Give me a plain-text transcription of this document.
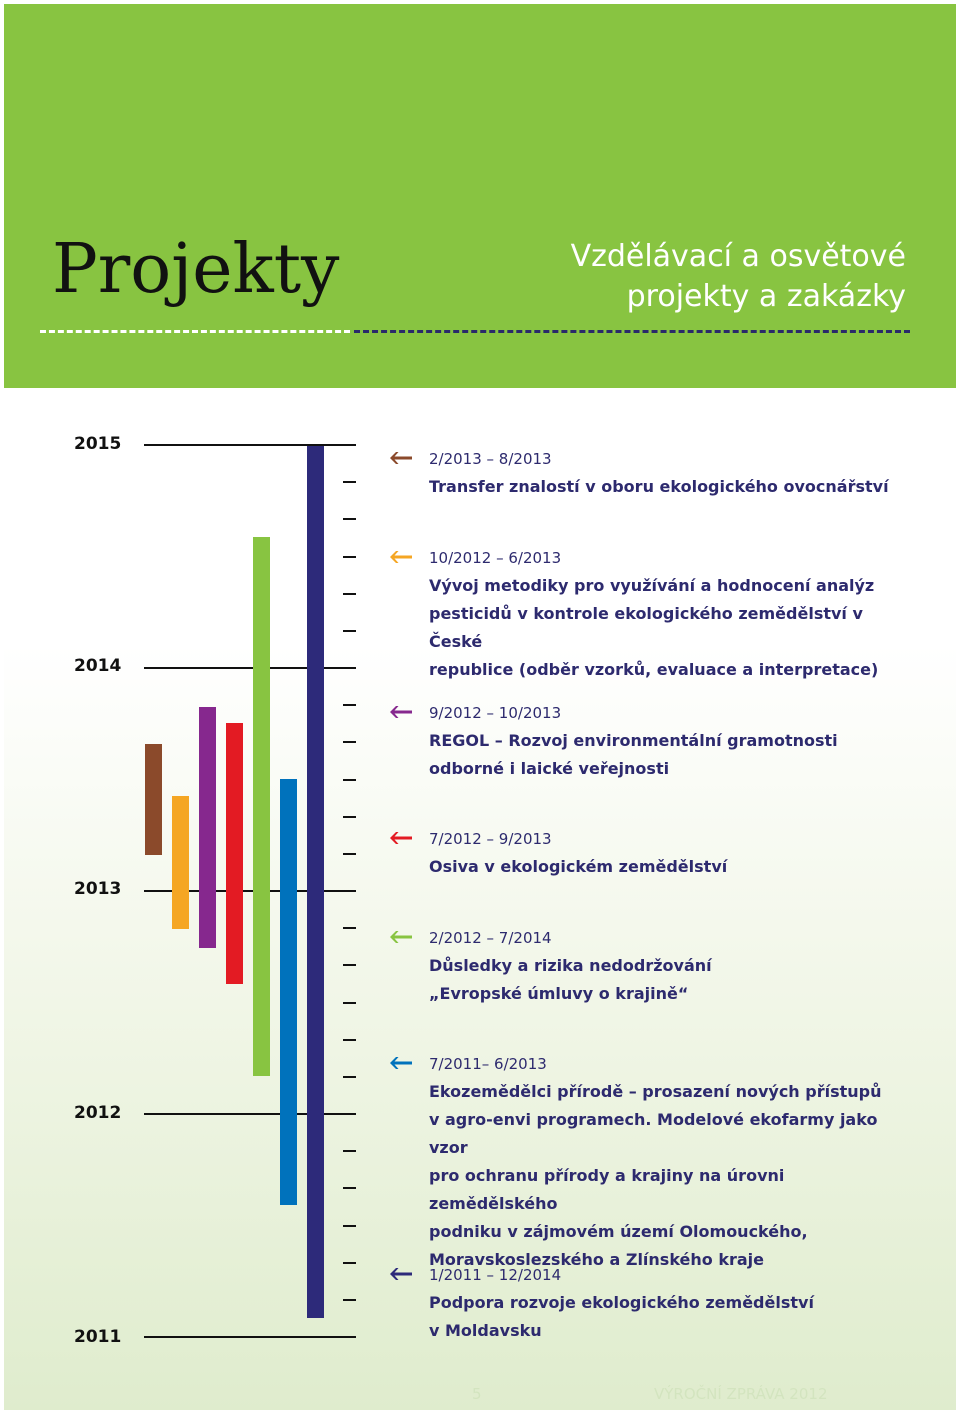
Projekty	Vzdělávací a osvětové
projekty a zakázky
2015
2014
2013
2012
2011
2/2013 – 8/2013
Transfer znalostí v oboru ekologického ovocnářství
10/2012 – 6/2013
Vývoj metodiky pro využívání a hodnocení analýz
pesticidů v kontrole ekologického zemědělství v České
republice (odběr vzorků, evaluace a interpretace)
9/2012 – 10/2013
REGOL – Rozvoj environmentální gramotnosti
odborné i laické veřejnosti
7/2012 – 9/2013
Osiva v ekologickém zemědělství
2/2012 – 7/2014
Důsledky a rizika nedodržování
„Evropské úmluvy o krajině“
7/2011– 6/2013
Ekozemědělci přírodě – prosazení nových přístupů
v agro-envi programech. Modelové ekofarmy jako vzor
pro ochranu přírody a krajiny na úrovni zemědělského
podniku v zájmovém území Olomouckého,
Moravskoslezského a Zlínského kraje
1/2011 – 12/2014
Podpora rozvoje ekologického zemědělství
v Moldavsku
5	VÝROČNÍ ZPRÁVA 2012
